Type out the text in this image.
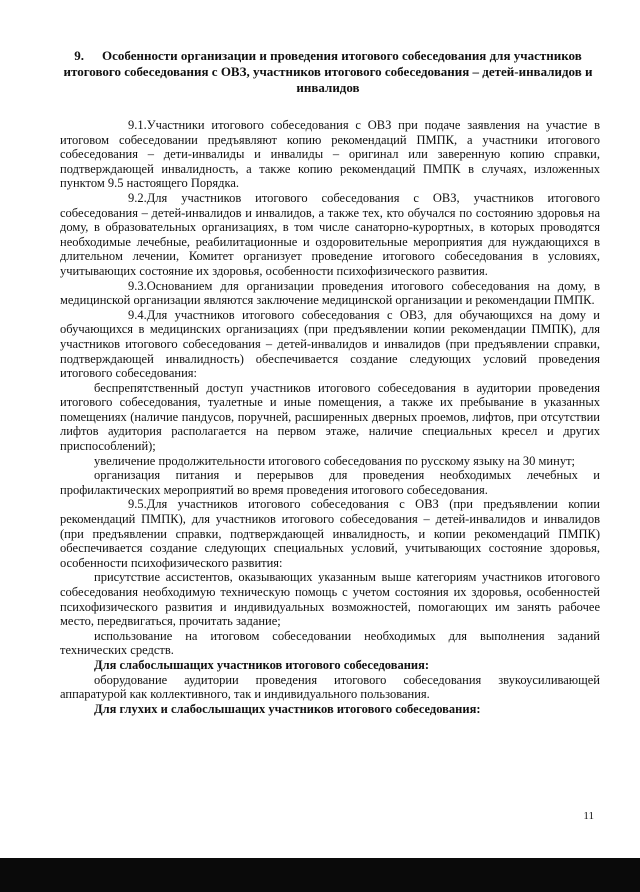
9. Особенности организации и проведения итогового собеседования для участников итогового собеседования с ОВЗ, участников итогового собеседования – детей-инвалидов и инвалидов

9.1.Участники итогового собеседования с ОВЗ при подаче заявления на участие в итоговом собеседовании предъявляют копию рекомендаций ПМПК, а участники итогового собеседования – дети-инвалиды и инвалиды – оригинал или заверенную копию справки, подтверждающей инвалидность, а также копию рекомендаций ПМПК в случаях, изложенных пунктом 9.5 настоящего Порядка.

9.2.Для участников итогового собеседования с ОВЗ, участников итогового собеседования – детей-инвалидов и инвалидов, а также тех, кто обучался по состоянию здоровья на дому, в образовательных организациях, в том числе санаторно-курортных, в которых проводятся необходимые лечебные, реабилитационные и оздоровительные мероприятия для нуждающихся в длительном лечении, Комитет организует проведение итогового собеседования в условиях, учитывающих состояние их здоровья, особенности психофизического развития.

9.3.Основанием для организации проведения итогового собеседования на дому, в медицинской организации являются заключение медицинской организации и рекомендации ПМПК.

9.4.Для участников итогового собеседования с ОВЗ, для обучающихся на дому и обучающихся в медицинских организациях (при предъявлении копии рекомендации ПМПК), для участников итогового собеседования – детей-инвалидов и инвалидов (при предъявлении справки, подтверждающей инвалидность) обеспечивается создание следующих условий проведения итогового собеседования:

беспрепятственный доступ участников итогового собеседования в аудитории проведения итогового собеседования, туалетные и иные помещения, а также их пребывание в указанных помещениях (наличие пандусов, поручней, расширенных дверных проемов, лифтов, при отсутствии лифтов аудитория располагается на первом этаже, наличие специальных кресел и других приспособлений);

увеличение продолжительности итогового собеседования по русскому языку на 30 минут;

организация питания и перерывов для проведения необходимых лечебных и профилактических мероприятий во время проведения итогового собеседования.

9.5.Для участников итогового собеседования с ОВЗ (при предъявлении копии рекомендаций ПМПК), для участников итогового собеседования – детей-инвалидов и инвалидов (при предъявлении справки, подтверждающей инвалидность, и копии рекомендаций ПМПК) обеспечивается создание следующих специальных условий, учитывающих состояние здоровья, особенности психофизического развития:

присутствие ассистентов, оказывающих указанным выше категориям участников итогового собеседования необходимую техническую помощь с учетом состояния их здоровья, особенностей психофизического развития и индивидуальных возможностей, помогающих им занять рабочее место, передвигаться, прочитать задание;

использование на итоговом собеседовании необходимых для выполнения заданий технических средств.

Для слабослышащих участников итогового собеседования:

оборудование аудитории проведения итогового собеседования звукоусиливающей аппаратурой как коллективного, так и индивидуального пользования.

Для глухих и слабослышащих участников итогового собеседования:

11
